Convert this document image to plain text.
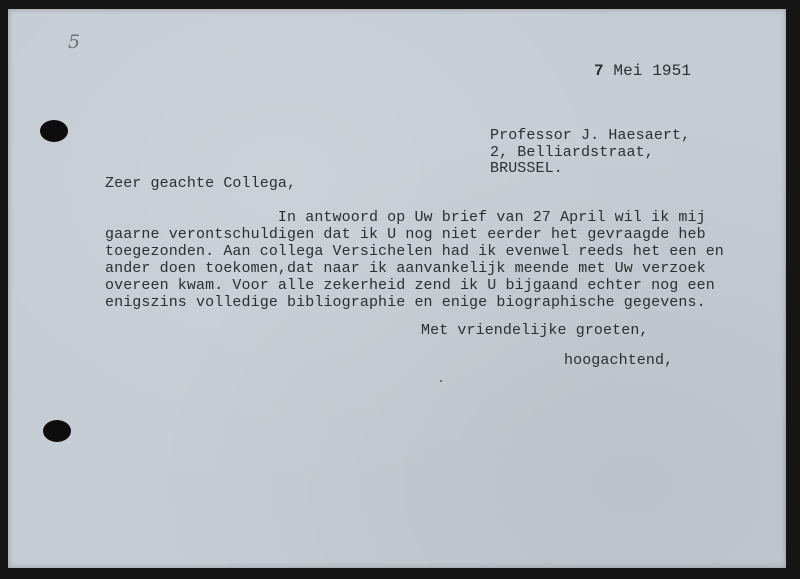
5
7 Mei 1951
Professor J. Haesaert,
2, Belliardstraat,
BRUSSEL.
Zeer geachte Collega,
In antwoord op Uw brief van 27 April wil ik mij
gaarne verontschuldigen dat ik U nog niet eerder het gevraagde heb
toegezonden. Aan collega Versichelen had ik evenwel reeds het een en
ander doen toekomen,dat naar ik aanvankelijk meende met Uw verzoek
overeen kwam. Voor alle zekerheid zend ik U bijgaand echter nog een
enigszins volledige bibliographie en enige biographische gegevens.
Met vriendelijke groeten,
hoogachtend,
